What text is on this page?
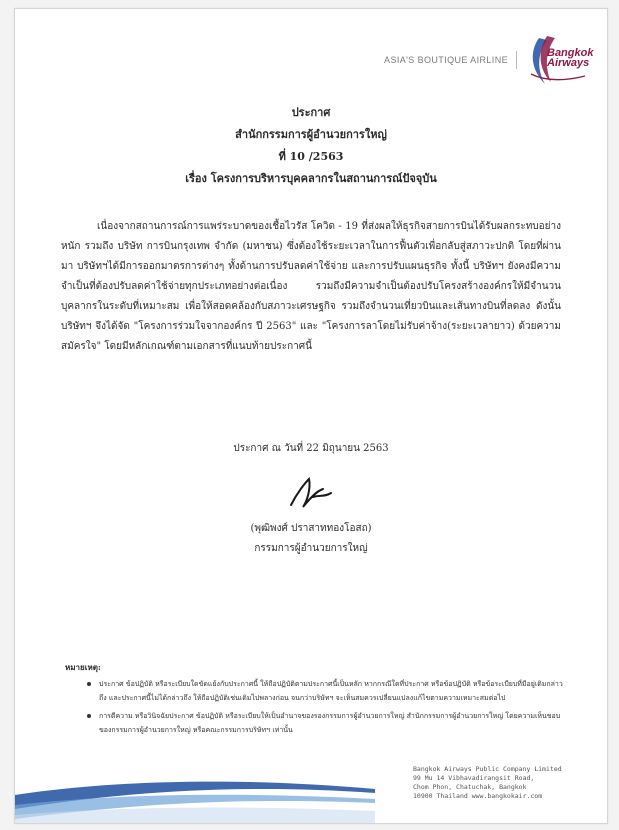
ASIA'S BOUTIQUE AIRLINE
Bangkok
Airways
ประกาศ
สำนักกรรมการผู้อำนวยการใหญ่
ที่ 10 /2563
เรื่อง โครงการบริหารบุคคลากรในสถานการณ์ปัจจุบัน
เนื่องจากสถานการณ์การแพร่ระบาดของเชื้อไวรัส โควิด - 19 ที่ส่งผลให้ธุรกิจสายการบินได้รับผลกระทบอย่างหนัก รวมถึง บริษัท การบินกรุงเทพ จำกัด (มหาชน) ซึ่งต้องใช้ระยะเวลาในการฟื้นตัวเพื่อกลับสู่สภาวะปกติ โดยที่ผ่านมา บริษัทฯได้มีการออกมาตรการต่างๆ ทั้งด้านการปรับลดค่าใช้จ่าย และการปรับแผนธุรกิจ ทั้งนี้ บริษัทฯ ยังคงมีความจำเป็นที่ต้องปรับลดค่าใช้จ่ายทุกประเภทอย่างต่อเนื่อง รวมถึงมีความจำเป็นต้องปรับโครงสร้างองค์กรให้มีจำนวนบุคลากรในระดับที่เหมาะสม เพื่อให้สอดคล้องกับสภาวะเศรษฐกิจ รวมถึงจำนวนเที่ยวบินและเส้นทางบินที่ลดลง ดังนั้น บริษัทฯ จึงได้จัด "โครงการร่วมใจจากองค์กร ปี 2563" และ "โครงการลาโดยไม่รับค่าจ้าง(ระยะเวลายาว) ด้วยความสมัครใจ" โดยมีหลักเกณฑ์ตามเอกสารที่แนบท้ายประกาศนี้
ประกาศ ณ วันที่ 22 มิถุนายน 2563
(พุฒิพงศ์ ปราสาททองโอสถ)
กรรมการผู้อำนวยการใหญ่
หมายเหตุ:
ประกาศ ข้อปฏิบัติ หรือระเบียบใดขัดแย้งกับประกาศนี้ ให้ถือปฏิบัติตามประกาศนี้เป็นหลัก หากกรณีใดที่ประกาศ หรือข้อปฏิบัติ หรือข้อระเบียบที่มีอยู่เดิมกล่าวถึง และประกาศนี้ไม่ได้กล่าวถึง ให้ถือปฏิบัติเช่นเดิมไปพลางก่อน จนกว่าบริษัทฯ จะเห็นสมควรเปลี่ยนแปลงแก้ไขตามความเหมาะสมต่อไป
การตีความ หรือวินิจฉัยประกาศ ข้อปฏิบัติ หรือระเบียบให้เป็นอำนาจของรองกรรมการผู้อำนวยการใหญ่ สำนักกรรมการผู้อำนวยการใหญ่ โดยความเห็นชอบของกรรมการผู้อำนวยการใหญ่ หรือคณะกรรมการบริษัทฯ เท่านั้น
Bangkok Airways Public Company Limited
99 Mu 14 Vibhavadirangsit Road,
Chom Phon, Chatuchak, Bangkok
10900 Thailand www.bangkokair.com
